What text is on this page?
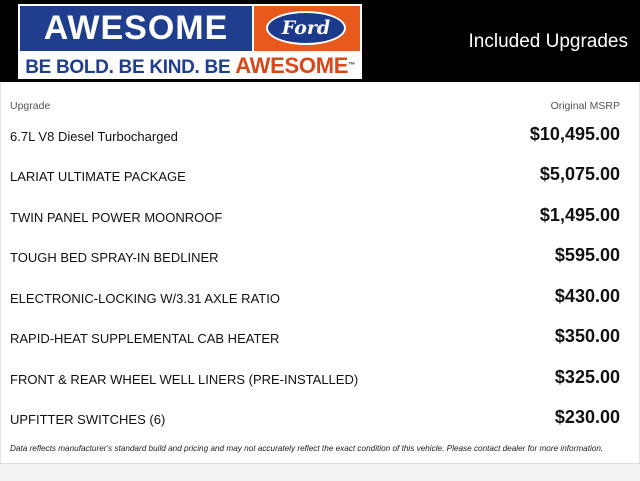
AWESOME	Ford
BE BOLD. BE KIND. BE AWESOME™
Included Upgrades
Upgrade	Original MSRP
6.7L V8 Diesel Turbocharged	$10,495.00
LARIAT ULTIMATE PACKAGE	$5,075.00
TWIN PANEL POWER MOONROOF	$1,495.00
TOUGH BED SPRAY-IN BEDLINER	$595.00
ELECTRONIC-LOCKING W/3.31 AXLE RATIO	$430.00
RAPID-HEAT SUPPLEMENTAL CAB HEATER	$350.00
FRONT & REAR WHEEL WELL LINERS (PRE-INSTALLED)	$325.00
UPFITTER SWITCHES (6)	$230.00
Data reflects manufacturer's standard build and pricing and may not accurately reflect the exact condition of this vehicle. Please contact dealer for more information.
